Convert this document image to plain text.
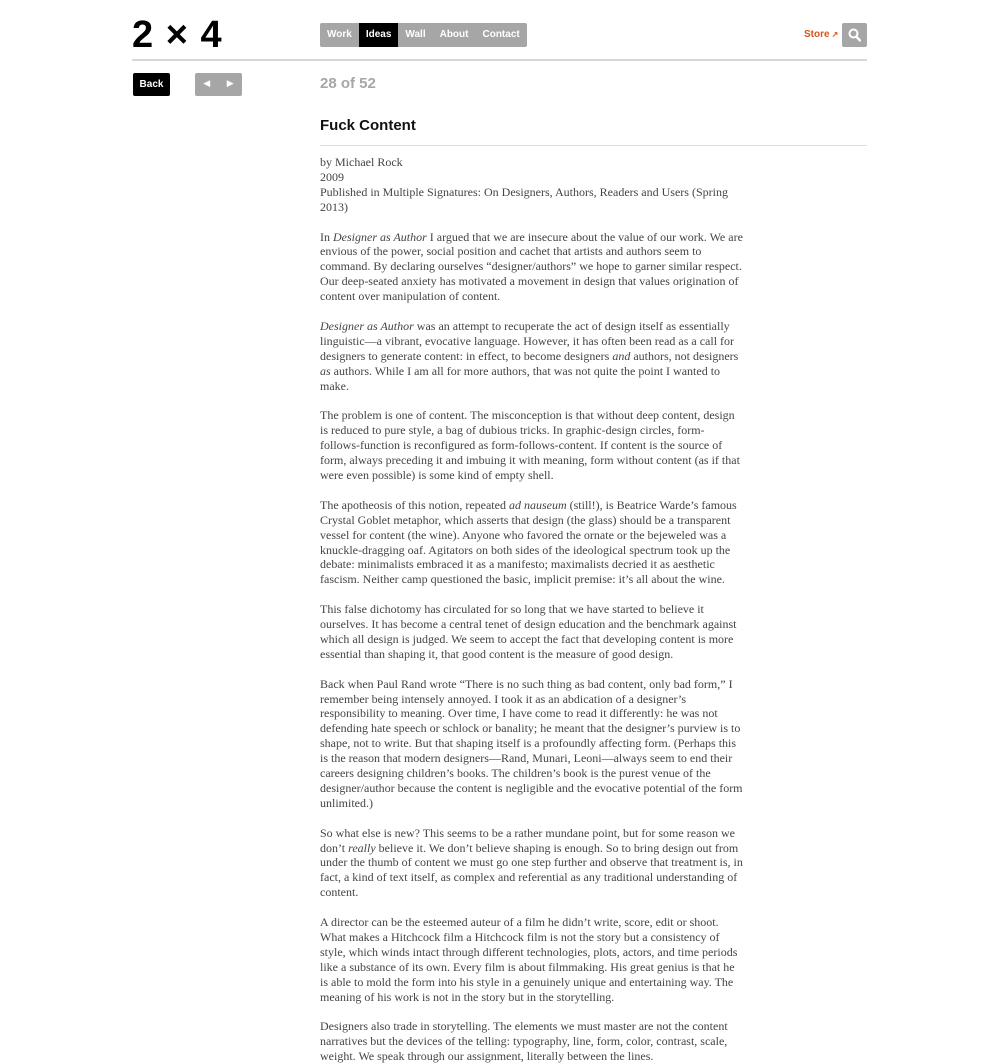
2 × 4	Work	Ideas	Wall	About	Contact	Store ↗
Back	◀	▶	28 of 52
Fuck Content
by Michael Rock
2009
Published in Multiple Signatures: On Designers, Authors, Readers and Users (Spring 2013)

In Designer as Author I argued that we are insecure about the value of our work. We are envious of the power, social position and cachet that artists and authors seem to command. By declaring ourselves “designer/authors” we hope to garner similar respect. Our deep-seated anxiety has motivated a movement in design that values origination of content over manipulation of content.

Designer as Author was an attempt to recuperate the act of design itself as essentially linguistic—a vibrant, evocative language. However, it has often been read as a call for designers to generate content: in effect, to become designers and authors, not designers as authors. While I am all for more authors, that was not quite the point I wanted to make.

The problem is one of content. The misconception is that without deep content, design is reduced to pure style, a bag of dubious tricks. In graphic-design circles, form-follows-function is reconfigured as form-follows-content. If content is the source of form, always preceding it and imbuing it with meaning, form without content (as if that were even possible) is some kind of empty shell.

The apotheosis of this notion, repeated ad nauseum (still!), is Beatrice Warde’s famous Crystal Goblet metaphor, which asserts that design (the glass) should be a transparent vessel for content (the wine). Anyone who favored the ornate or the bejeweled was a knuckle-dragging oaf. Agitators on both sides of the ideological spectrum took up the debate: minimalists embraced it as a manifesto; maximalists decried it as aesthetic fascism. Neither camp questioned the basic, implicit premise: it’s all about the wine.

This false dichotomy has circulated for so long that we have started to believe it ourselves. It has become a central tenet of design education and the benchmark against which all design is judged. We seem to accept the fact that developing content is more essential than shaping it, that good content is the measure of good design.

Back when Paul Rand wrote “There is no such thing as bad content, only bad form,” I remember being intensely annoyed. I took it as an abdication of a designer’s responsibility to meaning. Over time, I have come to read it differently: he was not defending hate speech or schlock or banality; he meant that the designer’s purview is to shape, not to write. But that shaping itself is a profoundly affecting form. (Perhaps this is the reason that modern designers—Rand, Munari, Leoni—always seem to end their careers designing children’s books. The children’s book is the purest venue of the designer/author because the content is negligible and the evocative potential of the form unlimited.)

So what else is new? This seems to be a rather mundane point, but for some reason we don’t really believe it. We don’t believe shaping is enough. So to bring design out from under the thumb of content we must go one step further and observe that treatment is, in fact, a kind of text itself, as complex and referential as any traditional understanding of content.

A director can be the esteemed auteur of a film he didn’t write, score, edit or shoot. What makes a Hitchcock film a Hitchcock film is not the story but a consistency of style, which winds intact through different technologies, plots, actors, and time periods like a substance of its own. Every film is about filmmaking. His great genius is that he is able to mold the form into his style in a genuinely unique and entertaining way. The meaning of his work is not in the story but in the storytelling.

Designers also trade in storytelling. The elements we must master are not the content narratives but the devices of the telling: typography, line, form, color, contrast, scale, weight. We speak through our assignment, literally between the lines.
